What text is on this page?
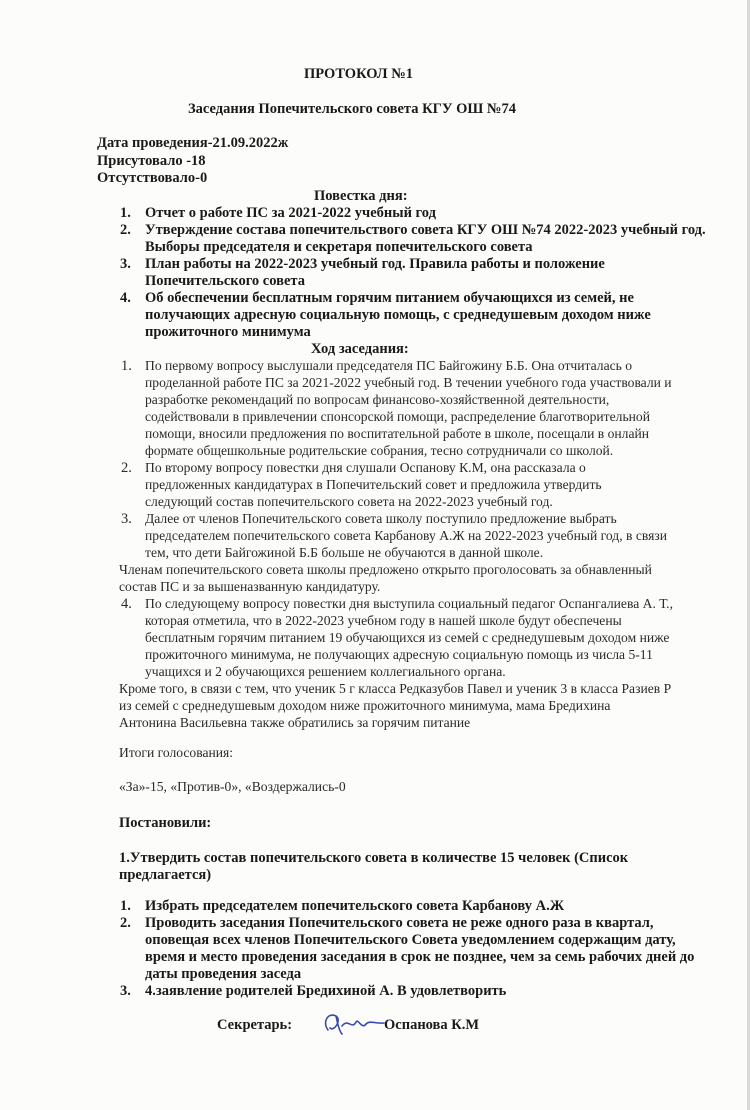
ПРОТОКОЛ №1
Заседания Попечительского совета КГУ ОШ №74
Дата проведения-21.09.2022ж
Присутовало -18
Отсутствовало-0
Повестка дня:
1. Отчет о работе ПС за 2021-2022 учебный год
2. Утверждение состава попечительствого совета КГУ ОШ №74 2022-2023 учебный год.
Выборы председателя и секретаря попечительского совета
3. План работы на 2022-2023 учебный год. Правила работы и положение
Попечительского совета
4. Об обеспечении бесплатным горячим питанием обучающихся из семей, не
получающих адресную социальную помощь, с среднедушевым доходом ниже
прожиточного минимума
Ход заседания:
1. По первому вопросу выслушали председателя ПС Байгожину Б.Б. Она отчиталась о
проделанной работе ПС за 2021-2022 учебный год. В течении учебного года участвовали и
разработке рекомендаций по вопросам финансово-хозяйственной деятельности,
содействовали в привлечении спонсорской помощи, распределение благотворительной
помощи, вносили предложения по воспитательной работе в школе, посещали в онлайн
формате общешкольные родительские собрания, тесно сотрудничали со школой.
2. По второму вопросу повестки дня слушали Оспанову К.М, она рассказала о
предложенных кандидатурах в Попечительский совет и предложила утвердить
следующий состав попечительского совета на 2022-2023 учебный год.
3. Далее от членов Попечительского совета школу поступило предложение выбрать
председателем попечительского совета Карбанову А.Ж на 2022-2023 учебный год, в связи
тем, что дети Байгожиной Б.Б больше не обучаются в данной школе.
Членам попечительского совета школы предложено открыто проголосовать за обнавленный
состав ПС и за вышеназванную кандидатуру.
4. По следующему вопросу повестки дня выступила социальный педагог Оспангалиева А. Т.,
которая отметила, что в 2022-2023 учебном году в нашей школе будут обеспечены
бесплатным горячим питанием 19 обучающихся из семей с среднедушевым доходом ниже
прожиточного минимума, не получающих адресную социальную помощь из числа 5-11
учащихся и 2 обучающихся решением коллегиального органа.
Кроме того, в связи с тем, что ученик 5 г класса Редказубов Павел и ученик 3 в класса Разиев Р
из семей с среднедушевым доходом ниже прожиточного минимума, мама Бредихина
Антонина Васильевна также обратились за горячим питание
Итоги голосования:
«За»-15, «Против-0», «Воздержались-0
Постановили:
1.Утвердить состав попечительского совета в количестве 15 человек (Список
предлагается)
1. Избрать председателем попечительского совета Карбанову А.Ж
2. Проводить заседания Попечительского совета не реже одного раза в квартал,
оповещая всех членов Попечительского Совета уведомлением содержащим дату,
время и место проведения заседания в срок не позднее, чем за семь рабочих дней до
даты проведения заседа
3. 4.заявление родителей Бредихиной А. В удовлетворить
Секретарь:	Оспанова К.М
